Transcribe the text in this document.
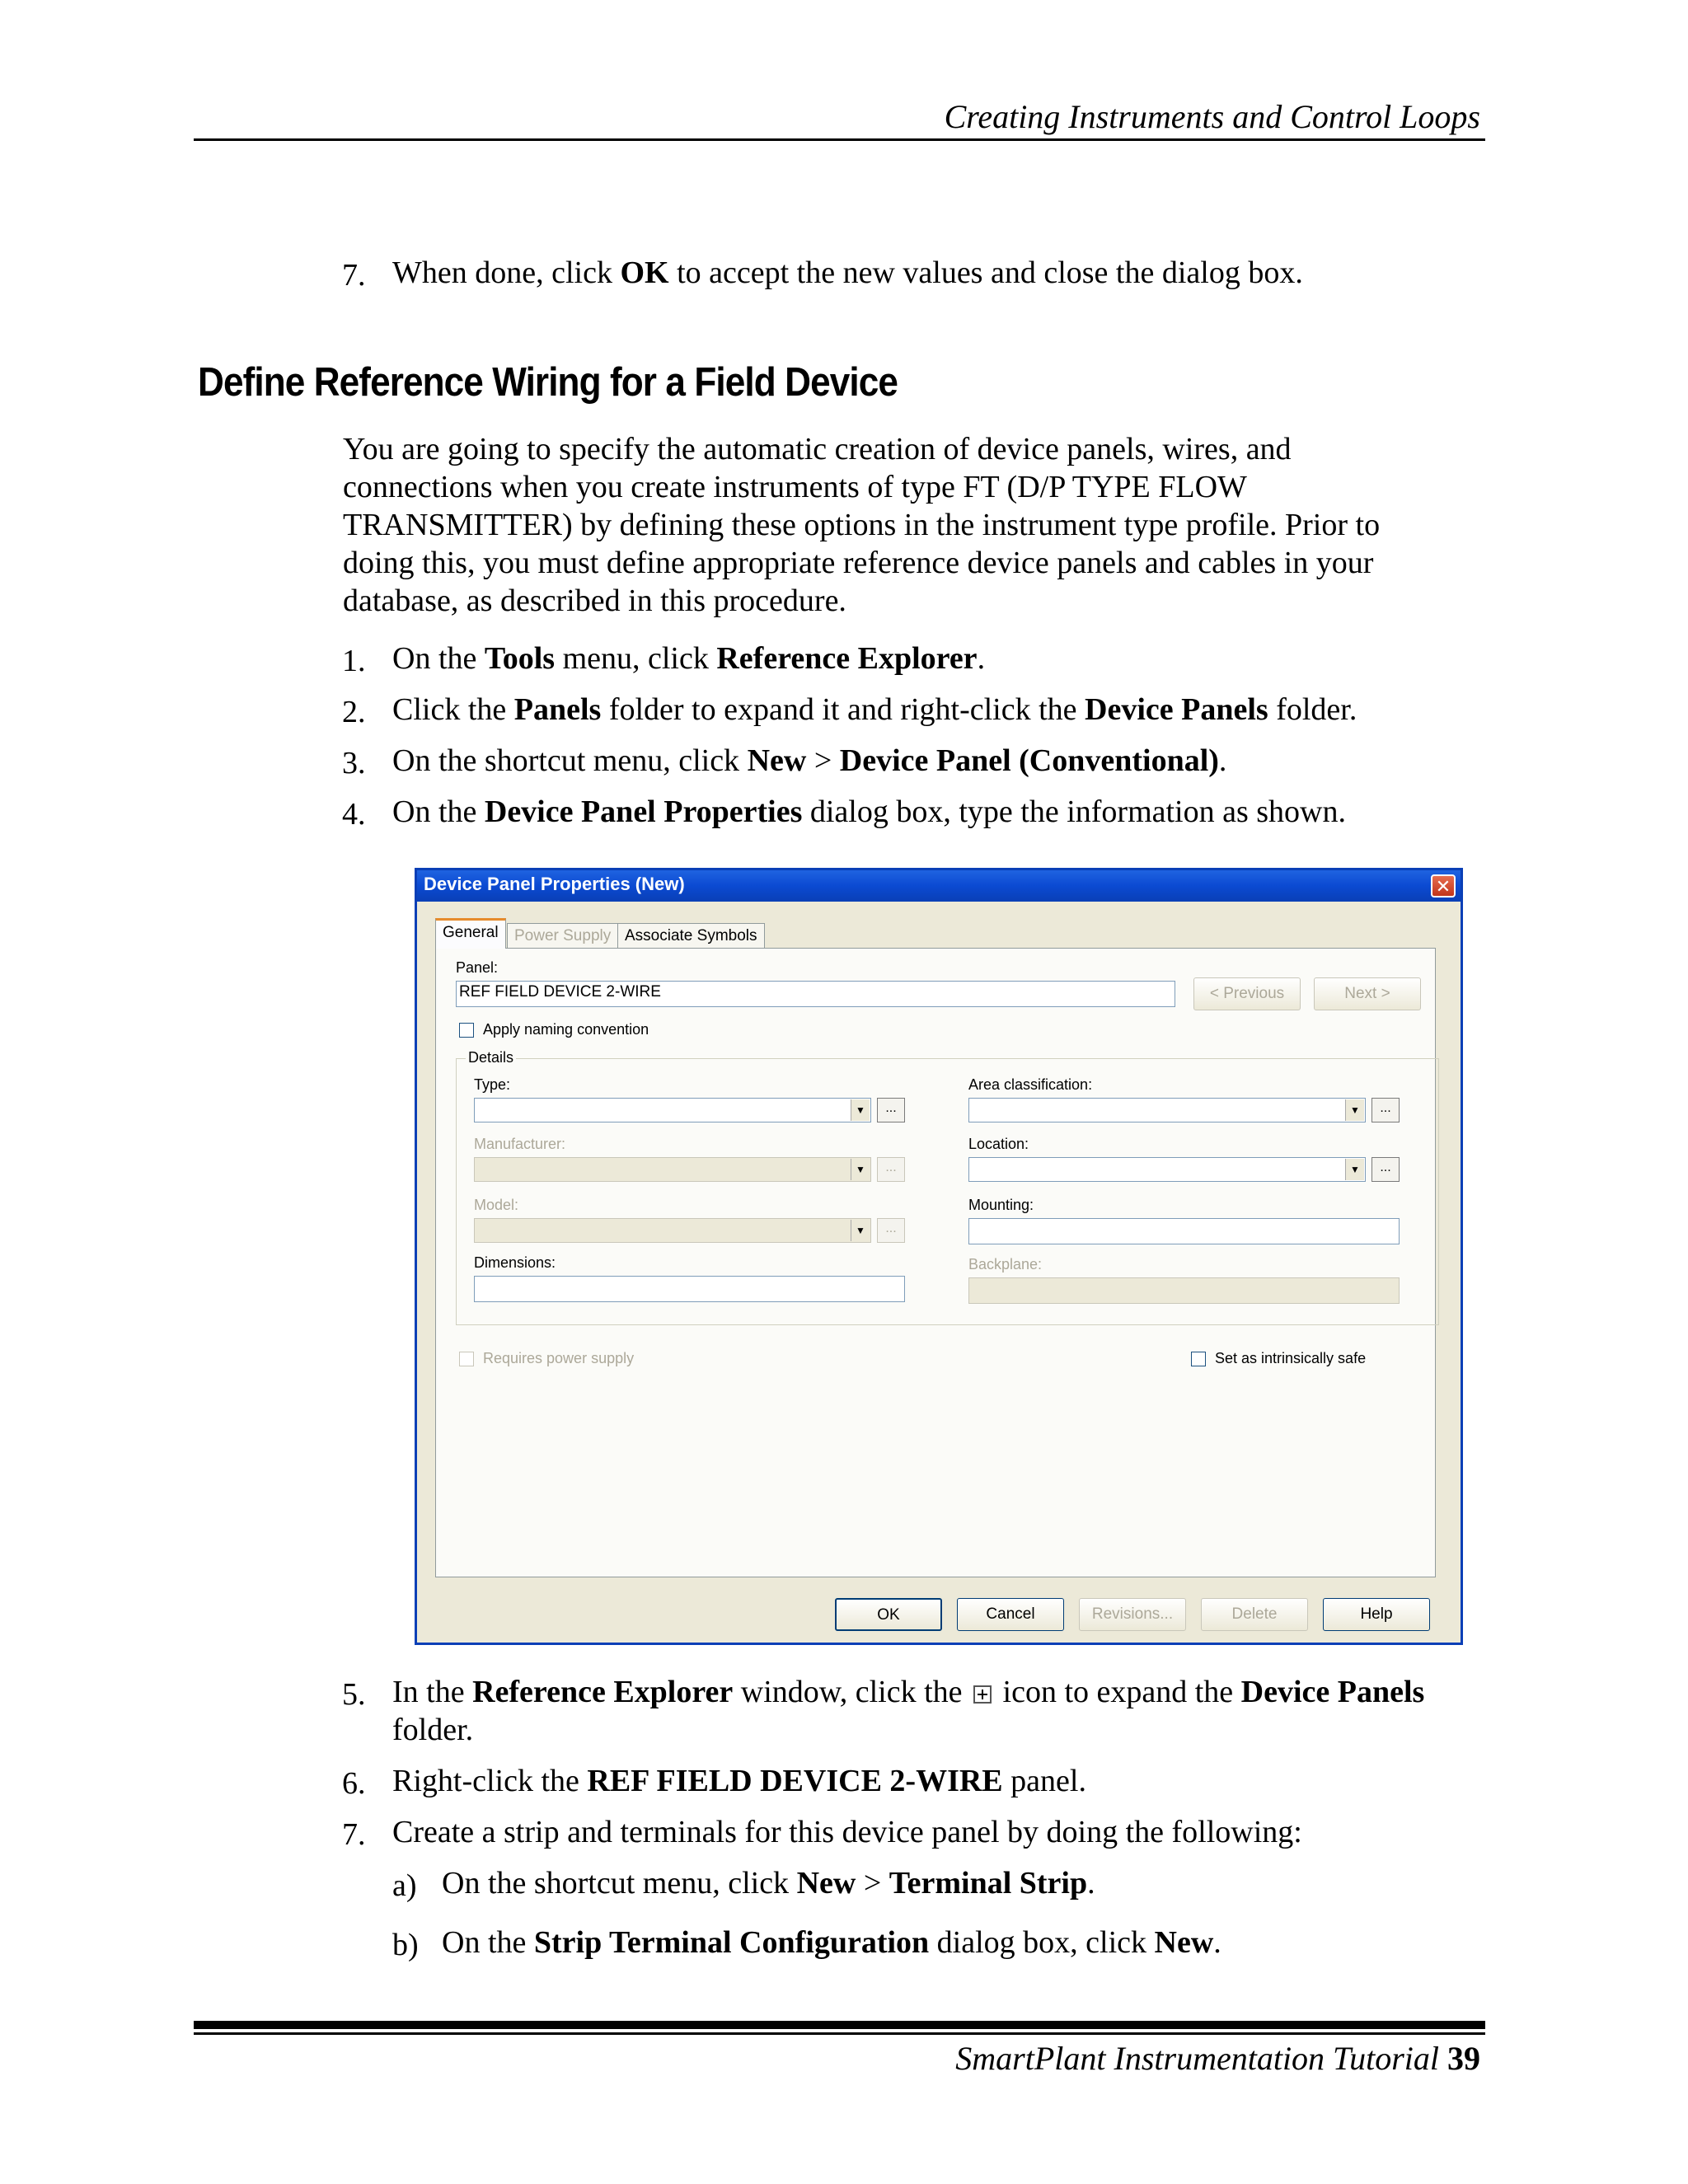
Creating Instruments and Control Loops
7. When done, click OK to accept the new values and close the dialog box.
Define Reference Wiring for a Field Device
You are going to specify the automatic creation of device panels, wires, and
connections when you create instruments of type FT (D/P TYPE FLOW
TRANSMITTER) by defining these options in the instrument type profile. Prior to
doing this, you must define appropriate reference device panels and cables in your
database, as described in this procedure.
1. On the Tools menu, click Reference Explorer.
2. Click the Panels folder to expand it and right-click the Device Panels folder.
3. On the shortcut menu, click New > Device Panel (Conventional).
4. On the Device Panel Properties dialog box, type the information as shown.
Device Panel Properties (New)	✕
General	Power Supply Associate Symbols
Panel:
REF FIELD DEVICE 2-WIRE	< Previous	Next >
Apply naming convention
Details
Type:
▼	...
Manufacturer:
▼	...
Model:
▼	...
Dimensions:
Area classification:
▼	...
Location:
▼	...
Mounting:
Backplane:
Requires power supply	Set as intrinsically safe
OK	Cancel	Revisions...	Delete	Help
5. In the Reference Explorer window, click the  icon to expand the Device Panels
folder.
6. Right-click the REF FIELD DEVICE 2-WIRE panel.
7. Create a strip and terminals for this device panel by doing the following:
a) On the shortcut menu, click New > Terminal Strip.
b) On the Strip Terminal Configuration dialog box, click New.
SmartPlant Instrumentation Tutorial 39
